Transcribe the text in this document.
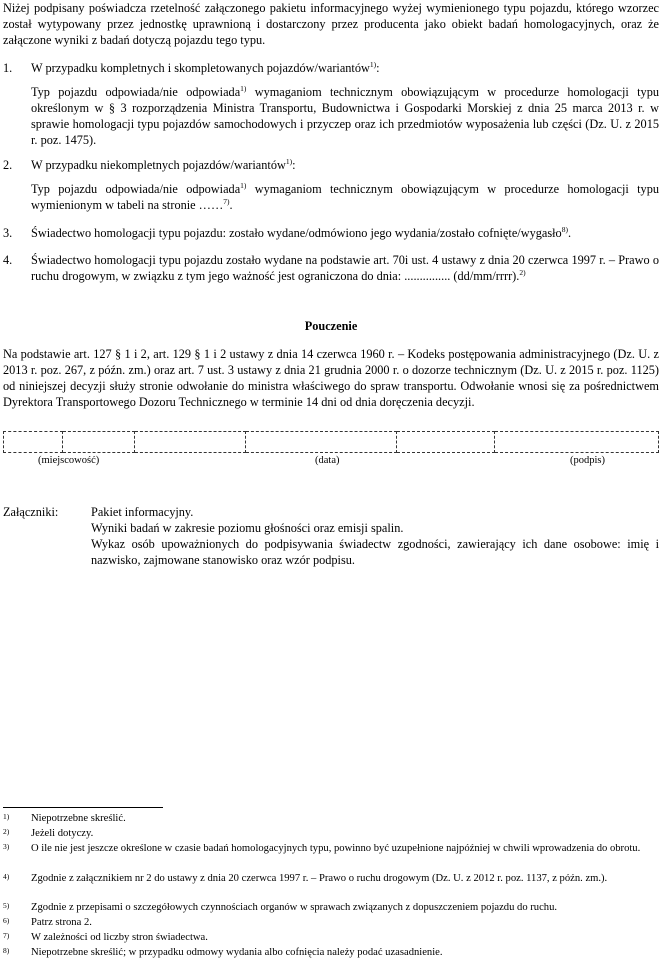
Niżej podpisany poświadcza rzetelność załączonego pakietu informacyjnego wyżej wymienionego typu pojazdu, którego wzorzec został wytypowany przez jednostkę uprawnioną i dostarczony przez producenta jako obiekt badań homologacyjnych, oraz że załączone wyniki z badań dotyczą pojazdu tego typu.
1. W przypadku kompletnych i skompletowanych pojazdów/wariantów$^{1)}$:
Typ pojazdu odpowiada/nie odpowiada$^{1)}$ wymaganiom technicznym obowiązującym w procedurze homologacji typu określonym w § 3 rozporządzenia Ministra Transportu, Budownictwa i Gospodarki Morskiej z dnia 25 marca 2013 r. w sprawie homologacji typu pojazdów samochodowych i przyczep oraz ich przedmiotów wyposażenia lub części (Dz. U. z 2015 r. poz. 1475).
2. W przypadku niekompletnych pojazdów/wariantów$^{1)}$:
Typ pojazdu odpowiada/nie odpowiada$^{1)}$ wymaganiom technicznym obowiązującym w procedurze homologacji typu wymienionym w tabeli na stronie ……$^{7)}$.
3. Świadectwo homologacji typu pojazdu: zostało wydane/odmówiono jego wydania/zostało cofnięte/wygasło$^{8)}$.
4. Świadectwo homologacji typu pojazdu zostało wydane na podstawie art. 70i ust. 4 ustawy z dnia 20 czerwca 1997 r. – Prawo o ruchu drogowym, w związku z tym jego ważność jest ograniczona do dnia: ............... (dd/mm/rrrr).$^{2)}$
Pouczenie
Na podstawie art. 127 § 1 i 2, art. 129 § 1 i 2 ustawy z dnia 14 czerwca 1960 r. – Kodeks postępowania administracyjnego (Dz. U. z 2013 r. poz. 267, z późn. zm.) oraz art. 7 ust. 3 ustawy z dnia 21 grudnia 2000 r. o dozorze technicznym (Dz. U. z 2015 r. poz. 1125) od niniejszej decyzji służy stronie odwołanie do ministra właściwego do spraw transportu. Odwołanie wnosi się za pośrednictwem Dyrektora Transportowego Dozoru Technicznego w terminie 14 dni od dnia doręczenia decyzji.

(miejscowość)	(data)	(podpis)
Załączniki:	Pakiet informacyjny.

Wyniki badań w zakresie poziomu głośności oraz emisji spalin.

Wykaz osób upoważnionych do podpisywania świadectw zgodności, zawierający ich dane osobowe: imię i nazwisko, zajmowane stanowisko oraz wzór podpisu.

1) Niepotrzebne skreślić.
2) Jeżeli dotyczy.
3) O ile nie jest jeszcze określone w czasie badań homologacyjnych typu, powinno być uzupełnione najpóźniej w chwili wprowadzenia do obrotu.
4) Zgodnie z załącznikiem nr 2 do ustawy z dnia 20 czerwca 1997 r. – Prawo o ruchu drogowym (Dz. U. z 2012 r. poz. 1137, z późn. zm.).
5) Zgodnie z przepisami o szczegółowych czynnościach organów w sprawach związanych z dopuszczeniem pojazdu do ruchu.
6) Patrz strona 2.
7) W zależności od liczby stron świadectwa.
8) Niepotrzebne skreślić; w przypadku odmowy wydania albo cofnięcia należy podać uzasadnienie.
